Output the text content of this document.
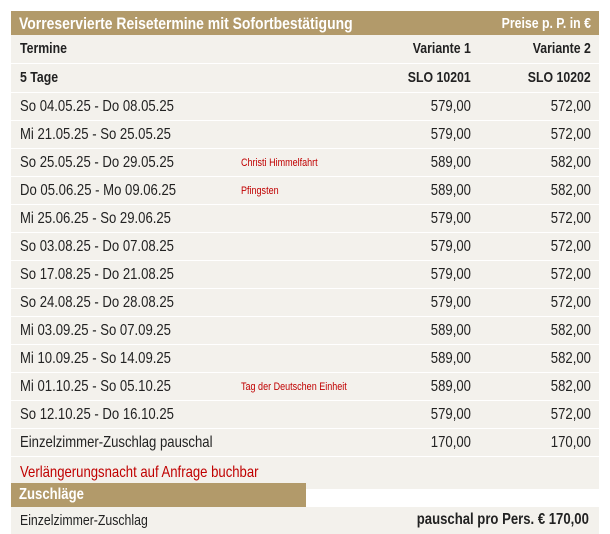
Vorreservierte Reisetermine mit Sofortbestätigung	Preise p. P. in €
Termine	Variante 1	Variante 2
5 Tage	SLO 10201	SLO 10202
So 04.05.25 - Do 08.05.25	579,00	572,00
Mi 21.05.25 - So 25.05.25	579,00	572,00
So 25.05.25 - Do 29.05.25	Christi Himmelfahrt	589,00	582,00
Do 05.06.25 - Mo 09.06.25	Pfingsten	589,00	582,00
Mi 25.06.25 - So 29.06.25	579,00	572,00
So 03.08.25 - Do 07.08.25	579,00	572,00
So 17.08.25 - Do 21.08.25	579,00	572,00
So 24.08.25 - Do 28.08.25	579,00	572,00
Mi 03.09.25 - So 07.09.25	589,00	582,00
Mi 10.09.25 - So 14.09.25	589,00	582,00
Mi 01.10.25 - So 05.10.25	Tag der Deutschen Einheit	589,00	582,00
So 12.10.25 - Do 16.10.25	579,00	572,00
Einzelzimmer-Zuschlag pauschal	170,00	170,00
Verlängerungsnacht auf Anfrage buchbar
Zuschläge
Einzelzimmer-Zuschlag	pauschal pro Pers. € 170,00
